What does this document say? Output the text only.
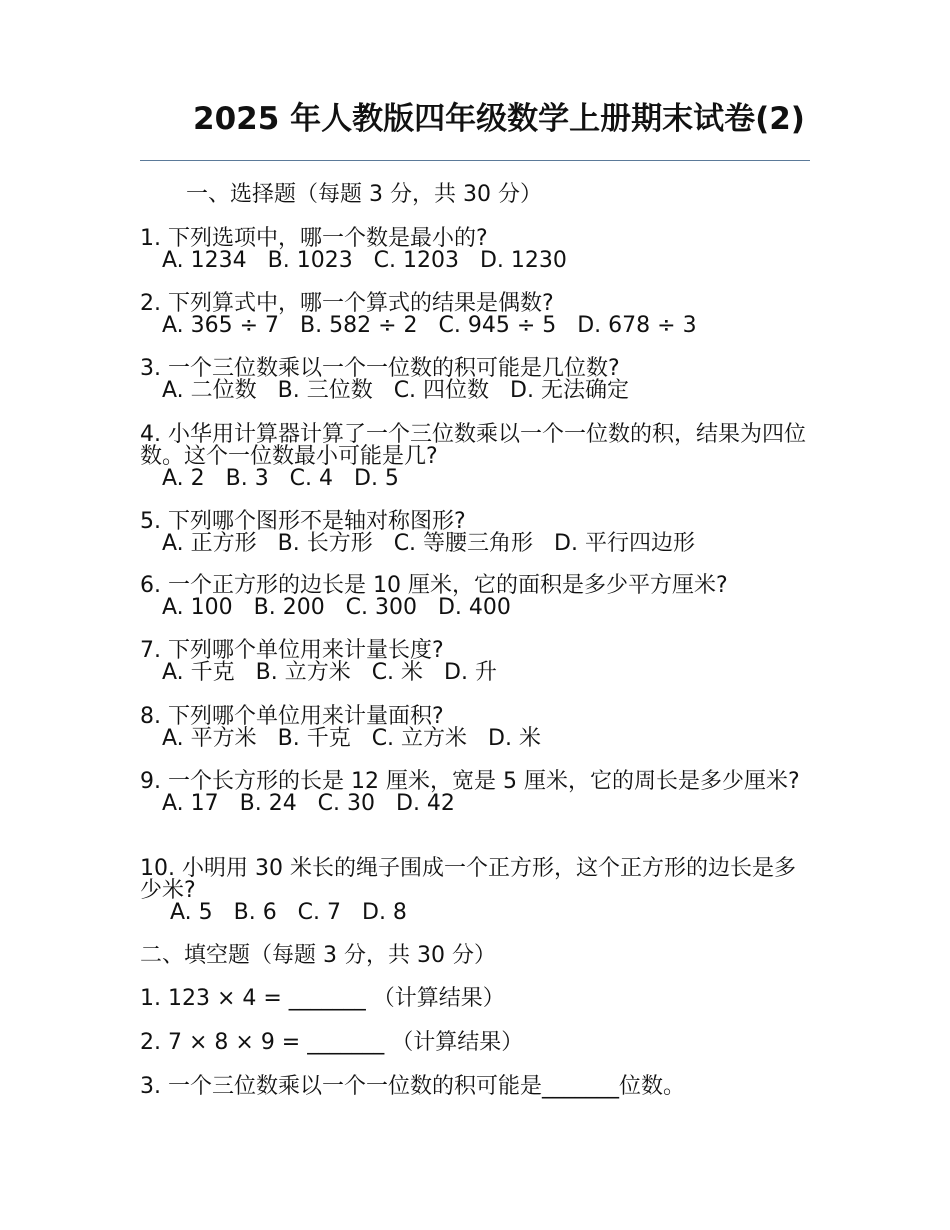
2025 年人教版四年级数学上册期末试卷(2)
一、选择题（每题 3 分，共 30 分）
1. 下列选项中，哪一个数是最小的?
A. 1234   B. 1023   C. 1203   D. 1230
2. 下列算式中，哪一个算式的结果是偶数?
A. 365 ÷ 7   B. 582 ÷ 2   C. 945 ÷ 5   D. 678 ÷ 3
3. 一个三位数乘以一个一位数的积可能是几位数?
A. 二位数   B. 三位数   C. 四位数   D. 无法确定
4. 小华用计算器计算了一个三位数乘以一个一位数的积，结果为四位数。这个一位数最小可能是几?
A. 2   B. 3   C. 4   D. 5
5. 下列哪个图形不是轴对称图形?
A. 正方形   B. 长方形   C. 等腰三角形   D. 平行四边形
6. 一个正方形的边长是 10 厘米，它的面积是多少平方厘米?
A. 100   B. 200   C. 300   D. 400
7. 下列哪个单位用来计量长度?
A. 千克   B. 立方米   C. 米   D. 升
8. 下列哪个单位用来计量面积?
A. 平方米   B. 千克   C. 立方米   D. 米
9. 一个长方形的长是 12 厘米，宽是 5 厘米，它的周长是多少厘米?
A. 17   B. 24   C. 30   D. 42
10. 小明用 30 米长的绳子围成一个正方形，这个正方形的边长是多少米?
A. 5   B. 6   C. 7   D. 8
二、填空题（每题 3 分，共 30 分）
1. 123 × 4 = _______ （计算结果）
2. 7 × 8 × 9 = _______ （计算结果）
3. 一个三位数乘以一个一位数的积可能是_______位数。
